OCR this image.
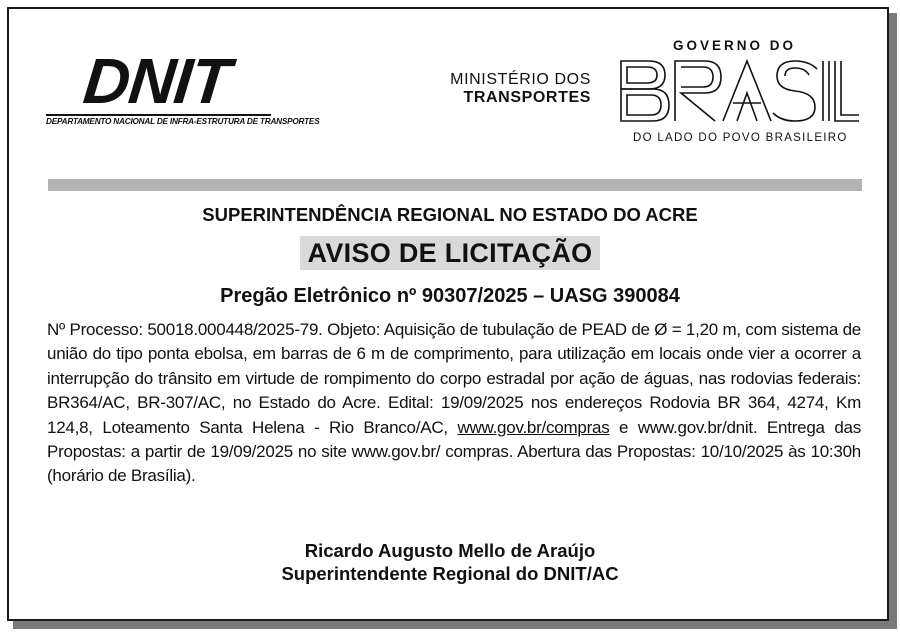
DNIT
DEPARTAMENTO NACIONAL DE INFRA-ESTRUTURA DE TRANSPORTES
MINISTÉRIO DOS
TRANSPORTES
GOVERNO DO
DO LADO DO POVO BRASILEIRO
SUPERINTENDÊNCIA REGIONAL NO ESTADO DO ACRE
AVISO DE LICITAÇÃO
Pregão Eletrônico nº 90307/2025 – UASG 390084
Nº Processo: 50018.000448/2025-79. Objeto: Aquisição de tubulação de PEAD de Ø = 1,20 m, com sistema de união do tipo ponta ebolsa, em barras de 6 m de comprimento, para utilização em locais onde vier a ocorrer a interrupção do trânsito em virtude de rompimento do corpo estradal por ação de águas, nas rodovias federais: BR364/AC, BR-307/AC, no Estado do Acre. Edital: 19/09/2025 nos endereços Rodovia BR 364, 4274, Km 124,8, Loteamento Santa Helena - Rio Branco/AC, www.gov.br/compras e www.gov.br/dnit. Entrega das Propostas: a partir de 19/09/2025 no site www.gov.br/ compras. Abertura das Propostas: 10/10/2025 às 10:30h (horário de Brasília).
Ricardo Augusto Mello de Araújo
Superintendente Regional do DNIT/AC
